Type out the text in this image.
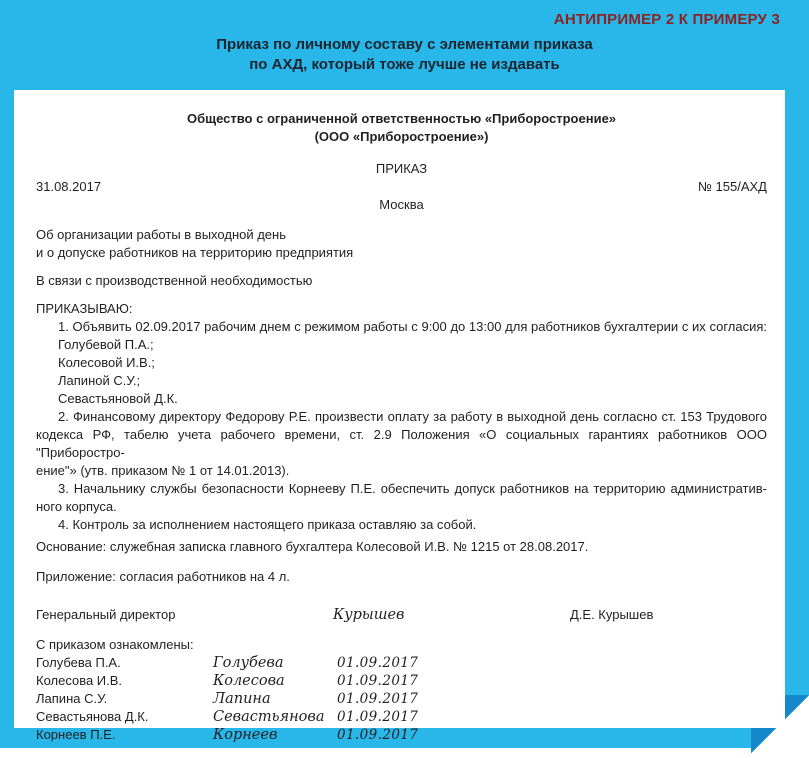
АНТИПРИМЕР 2 К ПРИМЕРУ 3
Приказ по личному составу с элементами приказа
по АХД, который тоже лучше не издавать
Общество с ограниченной ответственностью «Приборостроение»
(ООО «Приборостроение»)
ПРИКАЗ
31.08.2017	№ 155/АХД
Москва
Об организации работы в выходной день
и о допуске работников на территорию предприятия
В связи с производственной необходимостью
ПРИКАЗЫВАЮ:
1. Объявить 02.09.2017 рабочим днем с режимом работы с 9:00 до 13:00 для работников бухгалтерии с их согласия:
Голубевой П.А.;
Колесовой И.В.;
Лапиной С.У.;
Севастьяновой Д.К.
2. Финансовому директору Федорову Р.Е. произвести оплату за работу в выходной день согласно ст. 153 Трудового
кодекса РФ, табелю учета рабочего времени, ст. 2.9 Положения «О социальных гарантиях работников ООО "Приборостро-
ение"» (утв. приказом № 1 от 14.01.2013).
3. Начальнику службы безопасности Корнееву П.Е. обеспечить допуск работников на территорию административ-
ного корпуса.
4. Контроль за исполнением настоящего приказа оставляю за собой.
Основание: служебная записка главного бухгалтера Колесовой И.В. № 1215 от 28.08.2017.
Приложение: согласия работников на 4 л.
Генеральный директор	Курышев	Д.Е. Курышев
С приказом ознакомлены:
Голубева П.А.	Голубева	01.09.2017
Колесова И.В.	Колесова	01.09.2017
Лапина С.У.	Лапина	01.09.2017
Севастьянова Д.К.	Севастьянова 01.09.2017
Корнеев П.Е.	Корнеев	01.09.2017
